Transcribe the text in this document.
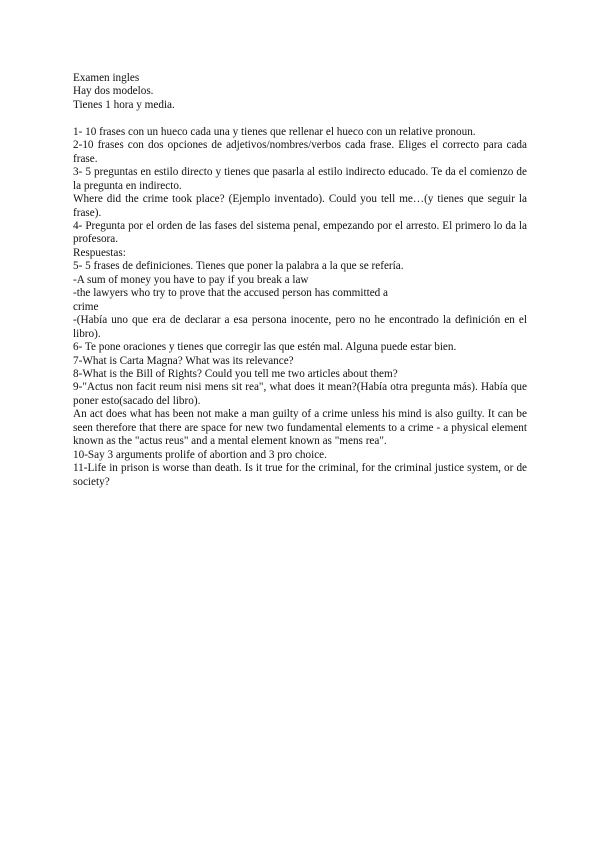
Examen ingles

Hay dos modelos.

Tienes 1 hora y media.

1- 10 frases con un hueco cada una y tienes que rellenar el hueco con un relative pronoun.

2-10 frases con dos opciones de adjetivos/nombres/verbos cada frase. Eliges el correcto para cada frase.

3- 5 preguntas en estilo directo y tienes que pasarla al estilo indirecto educado. Te da el comienzo de la pregunta en indirecto.

Where did the crime took place? (Ejemplo inventado). Could you tell me…(y tienes que seguir la frase).

4- Pregunta por el orden de las fases del sistema penal, empezando por el arresto. El primero lo da la profesora.

Respuestas:

5- 5 frases de definiciones. Tienes que poner la palabra a la que se refería.

-A sum of money you have to pay if you break a law

-the lawyers who try to prove that the accused person has committed a

crime

-(Había uno que era de declarar a esa persona inocente, pero no he encontrado la definición en el libro).

6- Te pone oraciones y tienes que corregir las que estén mal. Alguna puede estar bien.

7-What is Carta Magna? What was its relevance?

8-What is the Bill of Rights? Could you tell me two articles about them?

9-"Actus non facit reum nisi mens sit rea", what does it mean?(Había otra pregunta más). Había que poner esto(sacado del libro).

An act does what has been not make a man guilty of a crime unless his mind is also guilty. It can be seen therefore that there are space for new two fundamental elements to a crime - a physical element known as the "actus reus" and a mental element known as "mens rea".

10-Say 3 arguments prolife of abortion and 3 pro choice.

11-Life in prison is worse than death. Is it true for the criminal, for the criminal justice system, or de society?
